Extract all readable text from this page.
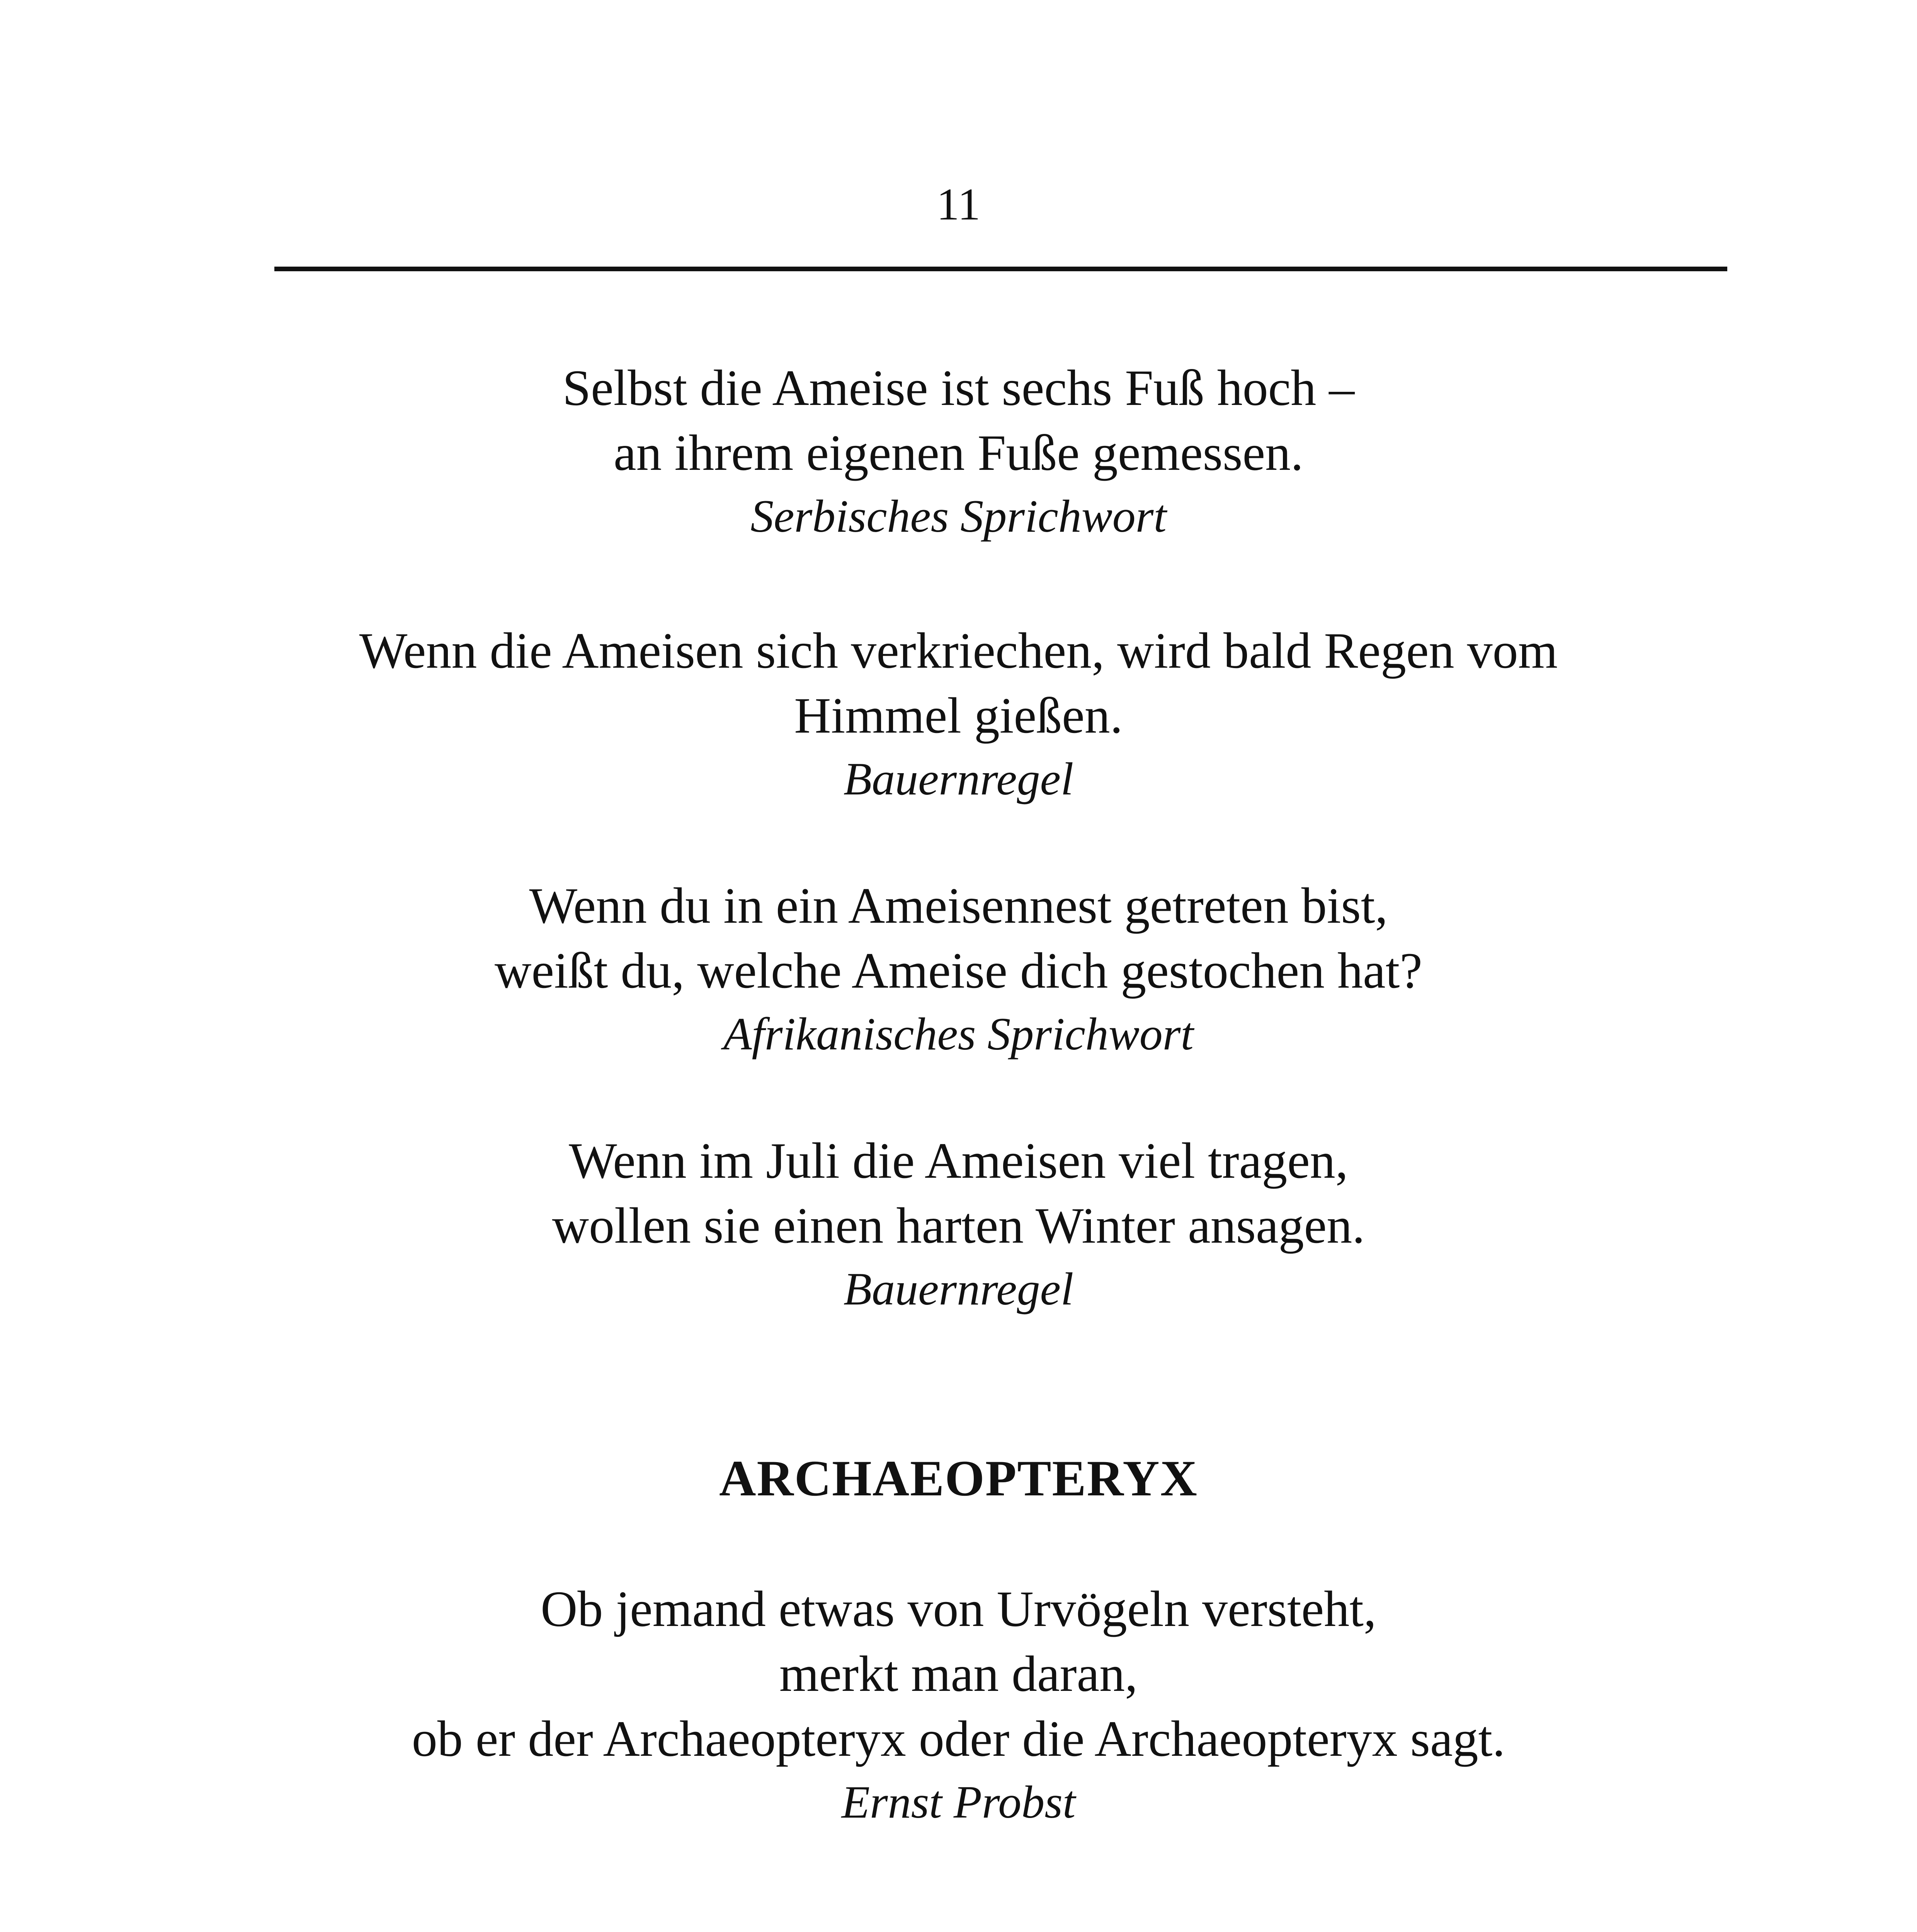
11
Selbst die Ameise ist sechs Fuß hoch –
an ihrem eigenen Fuße gemessen.
Serbisches Sprichwort
Wenn die Ameisen sich verkriechen, wird bald Regen vom
Himmel gießen.
Bauernregel
Wenn du in ein Ameisennest getreten bist,
weißt du, welche Ameise dich gestochen hat?
Afrikanisches Sprichwort
Wenn im Juli die Ameisen viel tragen,
wollen sie einen harten Winter ansagen.
Bauernregel
ARCHAEOPTERYX
Ob jemand etwas von Urvögeln versteht,
merkt man daran,
ob er der Archaeopteryx oder die Archaeopteryx sagt.
Ernst Probst
